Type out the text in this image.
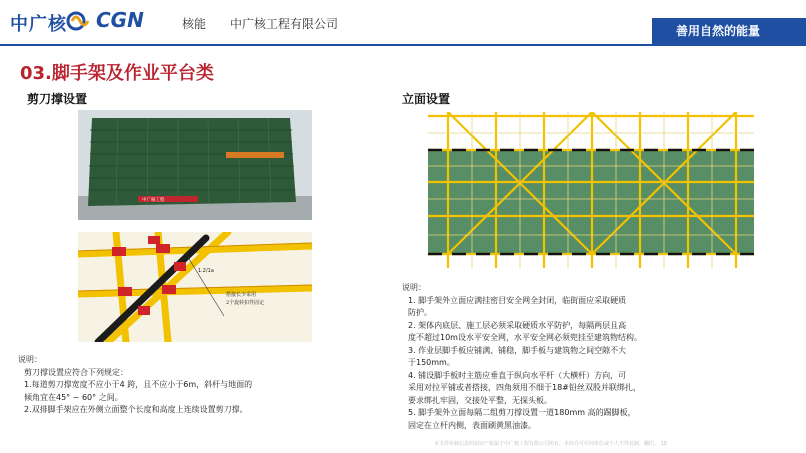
中广核 CGN	核能 中广核工程有限公司	善用自然的能量
03.脚手架及作业平台类
剪刀撑设置	立面设置
中广核工程
1.2/1a
搭接长少采用
2个旋转扣件固定
说明：
剪刀撑设置应符合下列规定：
1.每道剪刀撑宽度不应小于4 跨，且不应小于6m，斜杆与地面的
倾角宜在45° ~ 60° 之间。
2.双排脚手架应在外侧立面整个长度和高度上连续设置剪刀撑。
说明：
1. 脚手架外立面应满挂密目安全网全封闭，临街面应采取硬质
防护。
2. 架体内底层、施工层必须采取硬质水平防护，每隔两层且高
度不超过10m设水平安全网，水平安全网必须兜挂至建筑物结构。
3. 作业层脚手板应铺满、铺稳，脚手板与建筑物之间空隙不大
于150mm。
4. 铺设脚手板时主筋应垂直于纵向水平杆（大横杆）方向，可
采用对拉平铺或者搭接，四角须用不细于18#铅丝双股并联绑扎，
要求绑扎牢固，交接处平整，无探头板。
5. 脚手架外立面每隔二组剪刀撑设置一道180mm 高的踢脚板，
固定在立杆内侧，表面刷黄黑油漆。
本文件所载信息的知识产权属于中广核工程有限公司所有，未经许可任何单位或个人不得复制、翻印。 15
